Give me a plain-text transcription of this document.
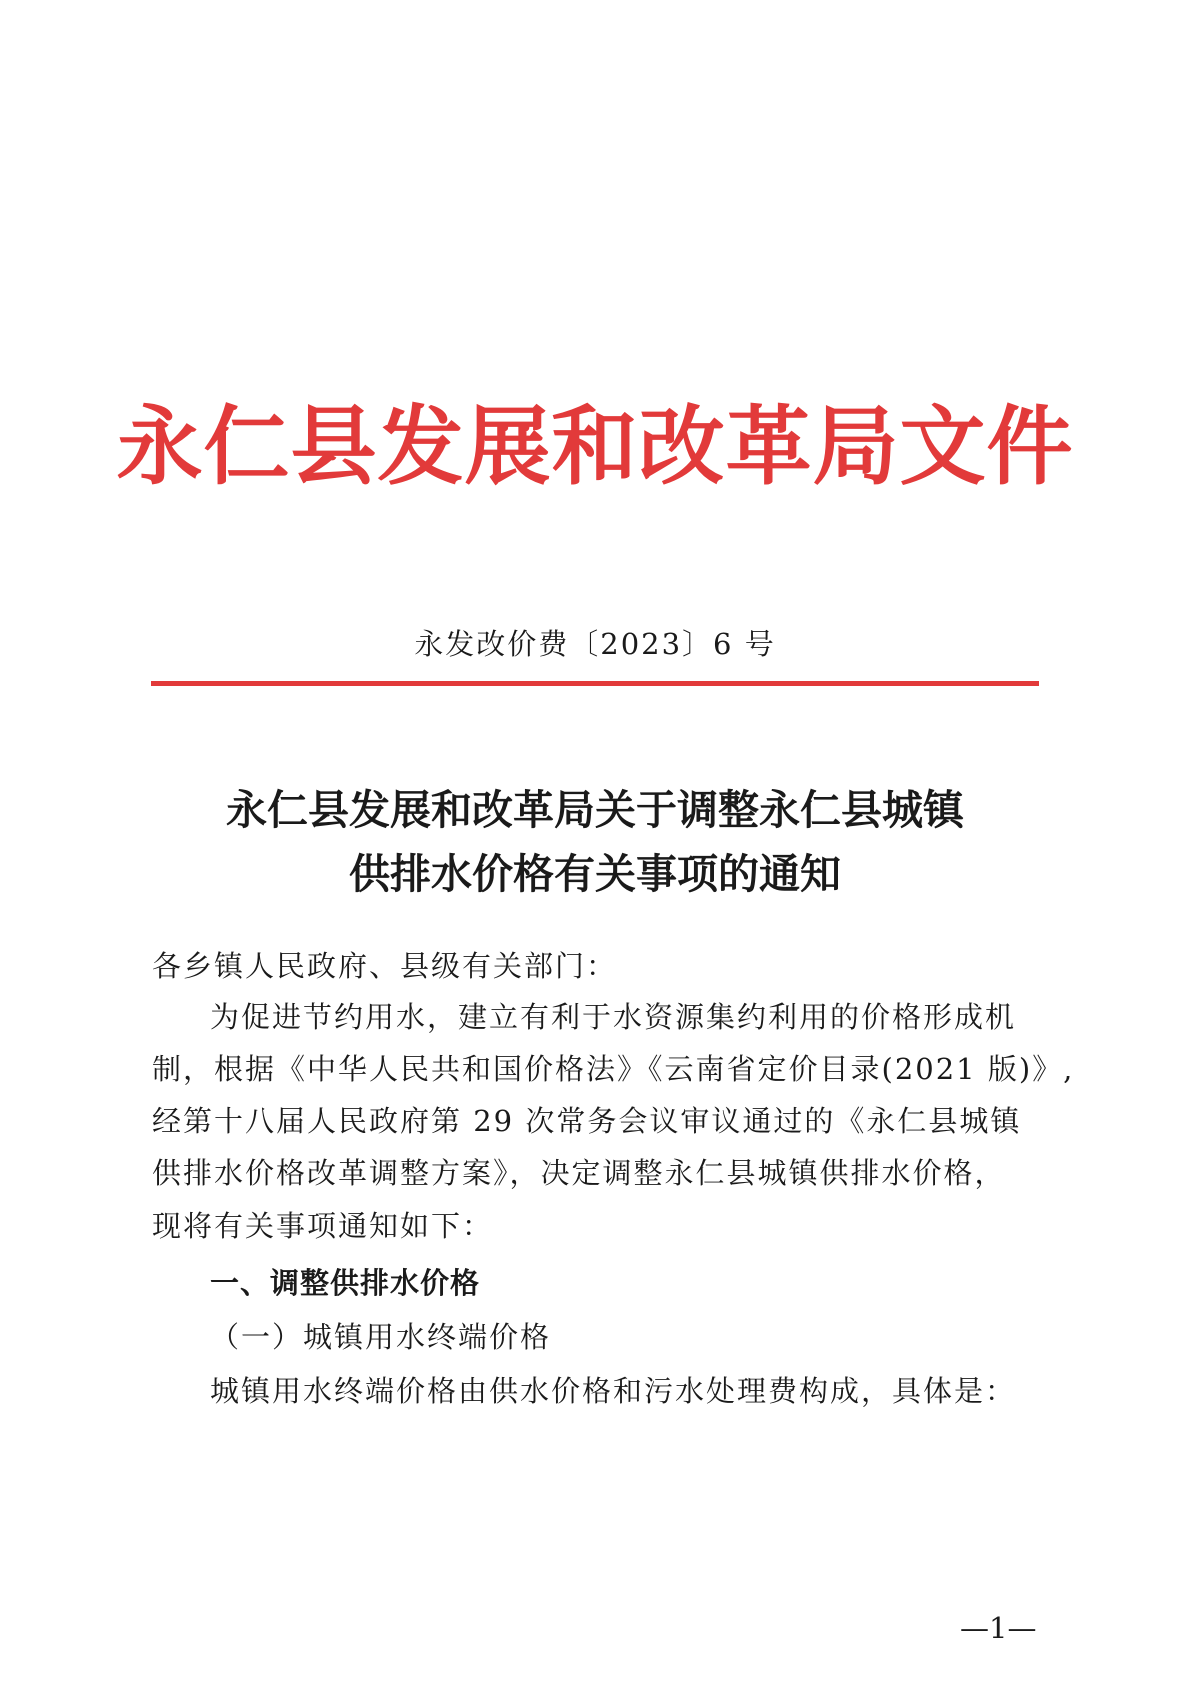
永仁县发展和改革局文件
永发改价费〔2023〕6 号
永仁县发展和改革局关于调整永仁县城镇
供排水价格有关事项的通知
各乡镇人民政府、县级有关部门：
为促进节约用水，建立有利于水资源集约利用的价格形成机
制，根据《中华人民共和国价格法》《云南省定价目录(2021 版)》,
经第十八届人民政府第 29 次常务会议审议通过的《永仁县城镇
供排水价格改革调整方案》，决定调整永仁县城镇供排水价格，
现将有关事项通知如下：
一、调整供排水价格
（一）城镇用水终端价格
城镇用水终端价格由供水价格和污水处理费构成，具体是：
—1—
